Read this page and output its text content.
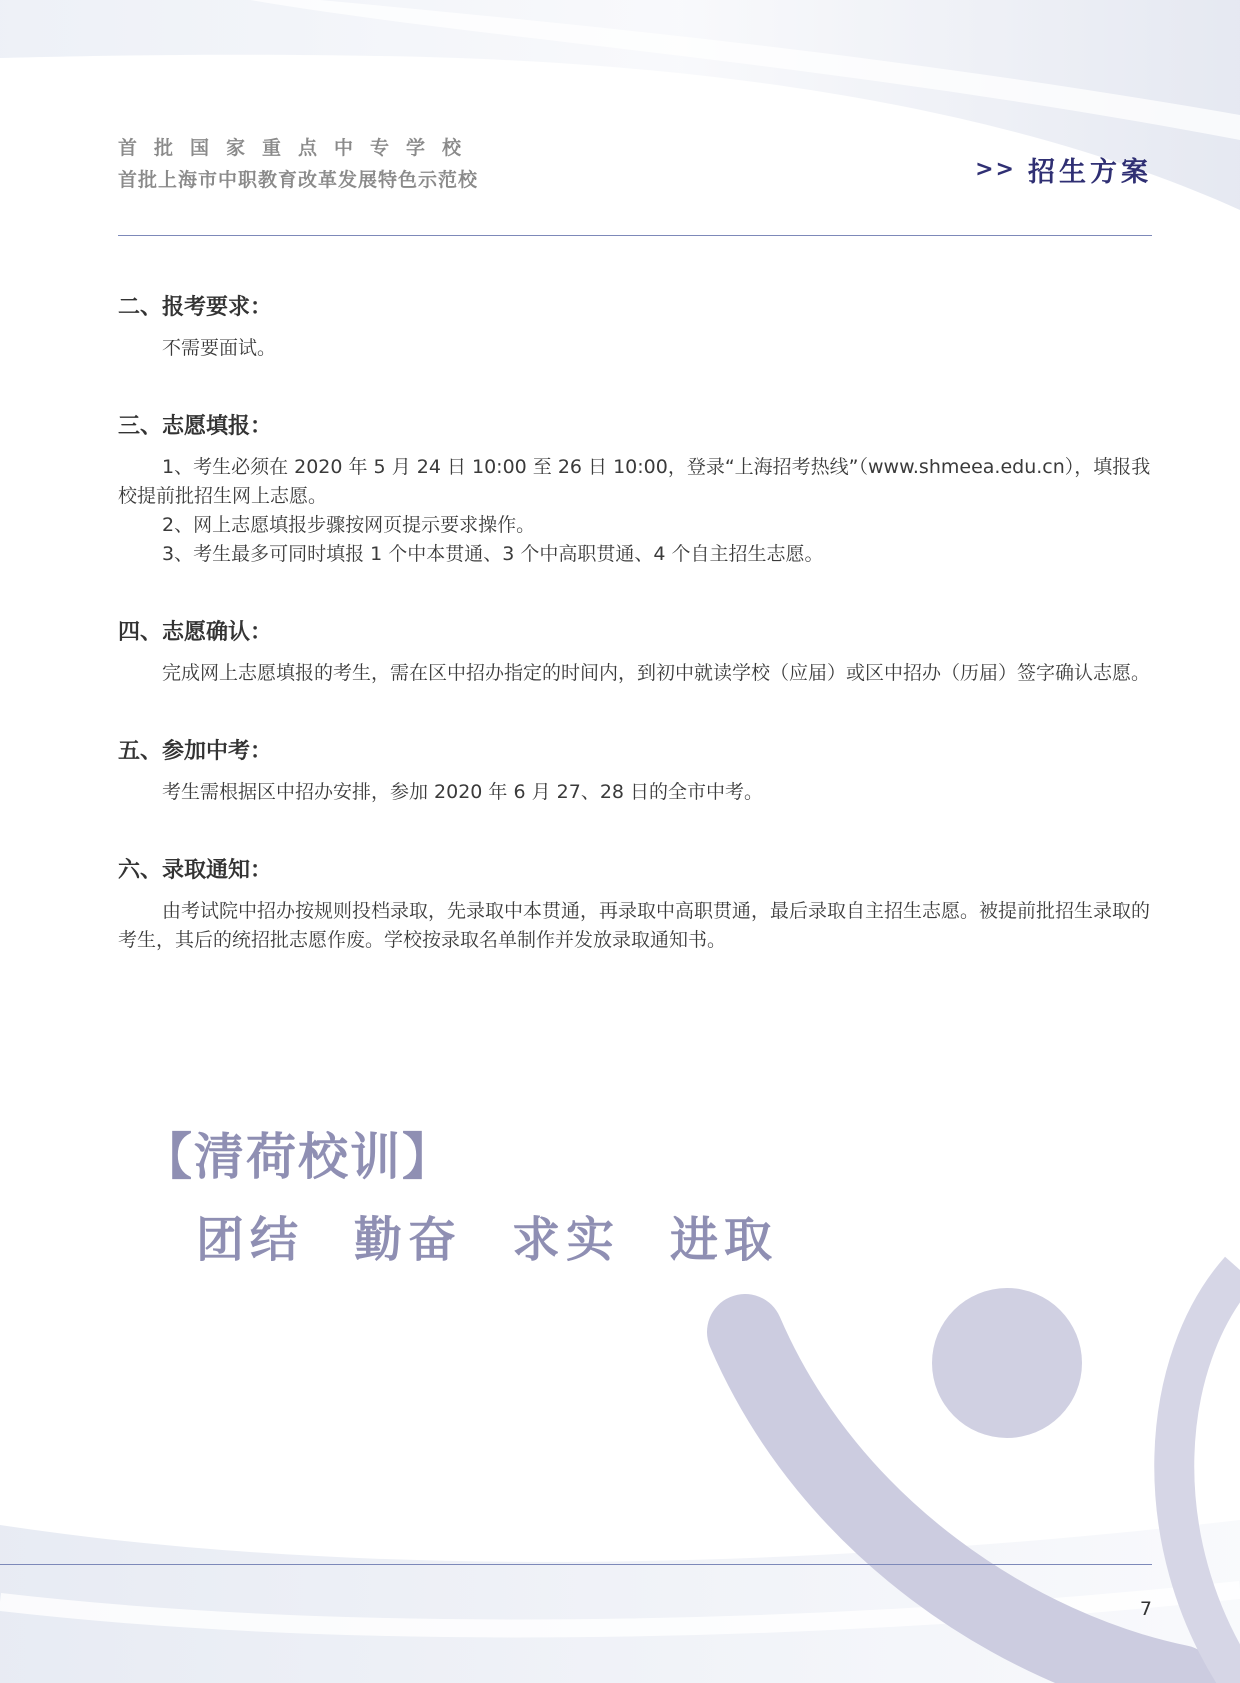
首批国家重点中专学校
首批上海市中职教育改革发展特色示范校	>> 招生方案
二、报考要求：

不需要面试。

三、志愿填报：

1、考生必须在 2020 年 5 月 24 日 10:00 至 26 日 10:00，登录“上海招考热线”（www.shmeea.edu.cn），填报我校提前批招生网上志愿。

2、网上志愿填报步骤按网页提示要求操作。

3、考生最多可同时填报 1 个中本贯通、3 个中高职贯通、4 个自主招生志愿。

四、志愿确认：

完成网上志愿填报的考生，需在区中招办指定的时间内，到初中就读学校（应届）或区中招办（历届）签字确认志愿。

五、参加中考：

考生需根据区中招办安排，参加 2020 年 6 月 27、28 日的全市中考。

六、录取通知：

由考试院中招办按规则投档录取，先录取中本贯通，再录取中高职贯通，最后录取自主招生志愿。被提前批招生录取的考生，其后的统招批志愿作废。学校按录取名单制作并发放录取通知书。

【清荷校训】
团结 勤奋 求实 进取
7
